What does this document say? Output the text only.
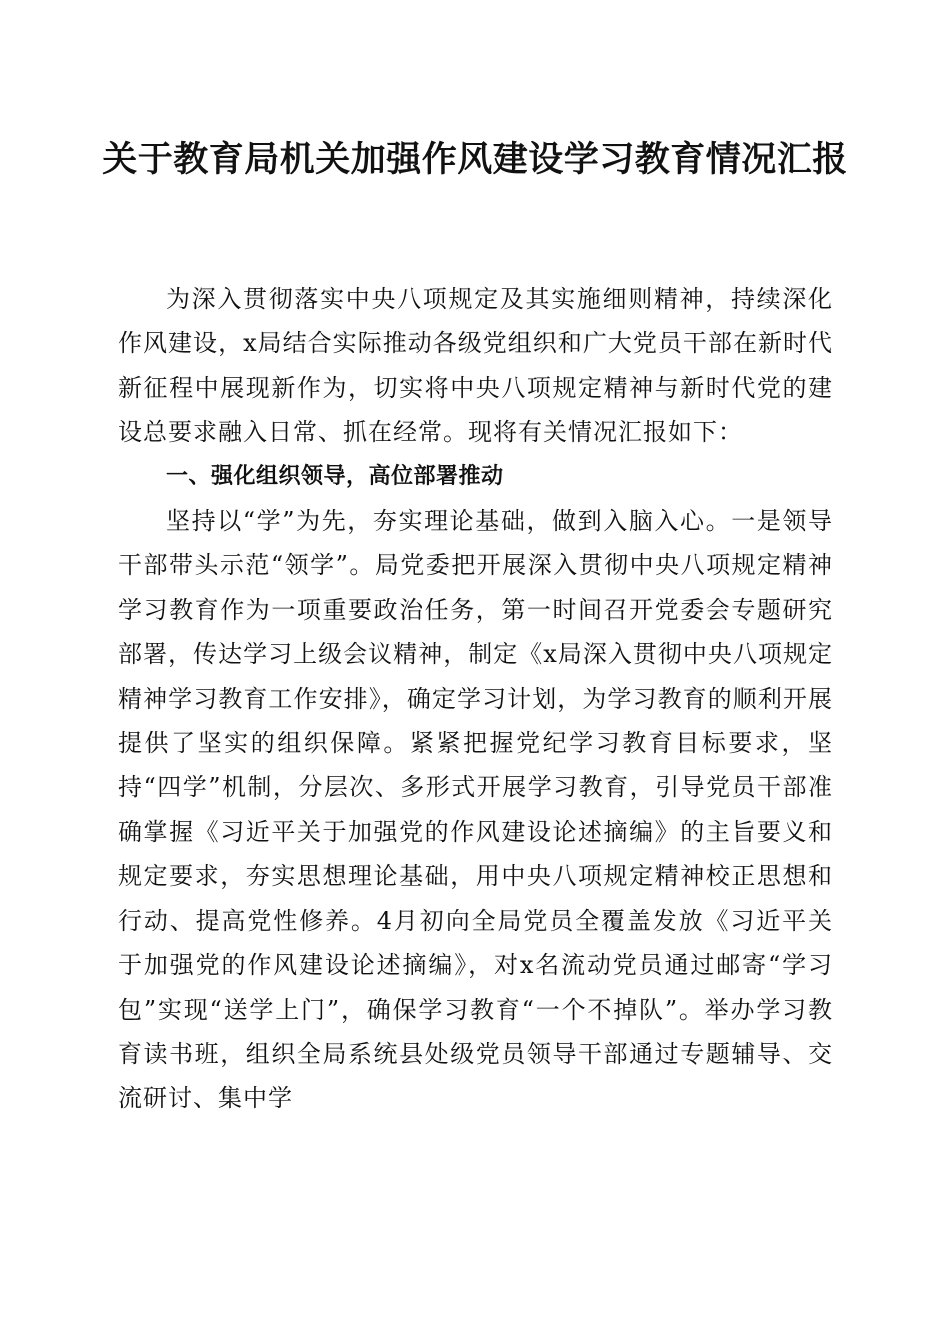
关于教育局机关加强作风建设学习教育情况汇报

为深入贯彻落实中央八项规定及其实施细则精神，持续深化作风建设，x局结合实际推动各级党组织和广大党员干部在新时代新征程中展现新作为，切实将中央八项规定精神与新时代党的建设总要求融入日常、抓在经常。现将有关情况汇报如下：

一、强化组织领导，高位部署推动

坚持以“学”为先，夯实理论基础，做到入脑入心。一是领导干部带头示范“领学”。局党委把开展深入贯彻中央八项规定精神学习教育作为一项重要政治任务，第一时间召开党委会专题研究部署，传达学习上级会议精神，制定《x局深入贯彻中央八项规定精神学习教育工作安排》，确定学习计划，为学习教育的顺利开展提供了坚实的组织保障。紧紧把握党纪学习教育目标要求，坚持“四学”机制，分层次、多形式开展学习教育，引导党员干部准确掌握《习近平关于加强党的作风建设论述摘编》的主旨要义和规定要求，夯实思想理论基础，用中央八项规定精神校正思想和行动、提高党性修养。4月初向全局党员全覆盖发放《习近平关于加强党的作风建设论述摘编》，对x名流动党员通过邮寄“学习包”实现“送学上门”，确保学习教育“一个不掉队”。举办学习教育读书班，组织全局系统县处级党员领导干部通过专题辅导、交流研讨、集中学
